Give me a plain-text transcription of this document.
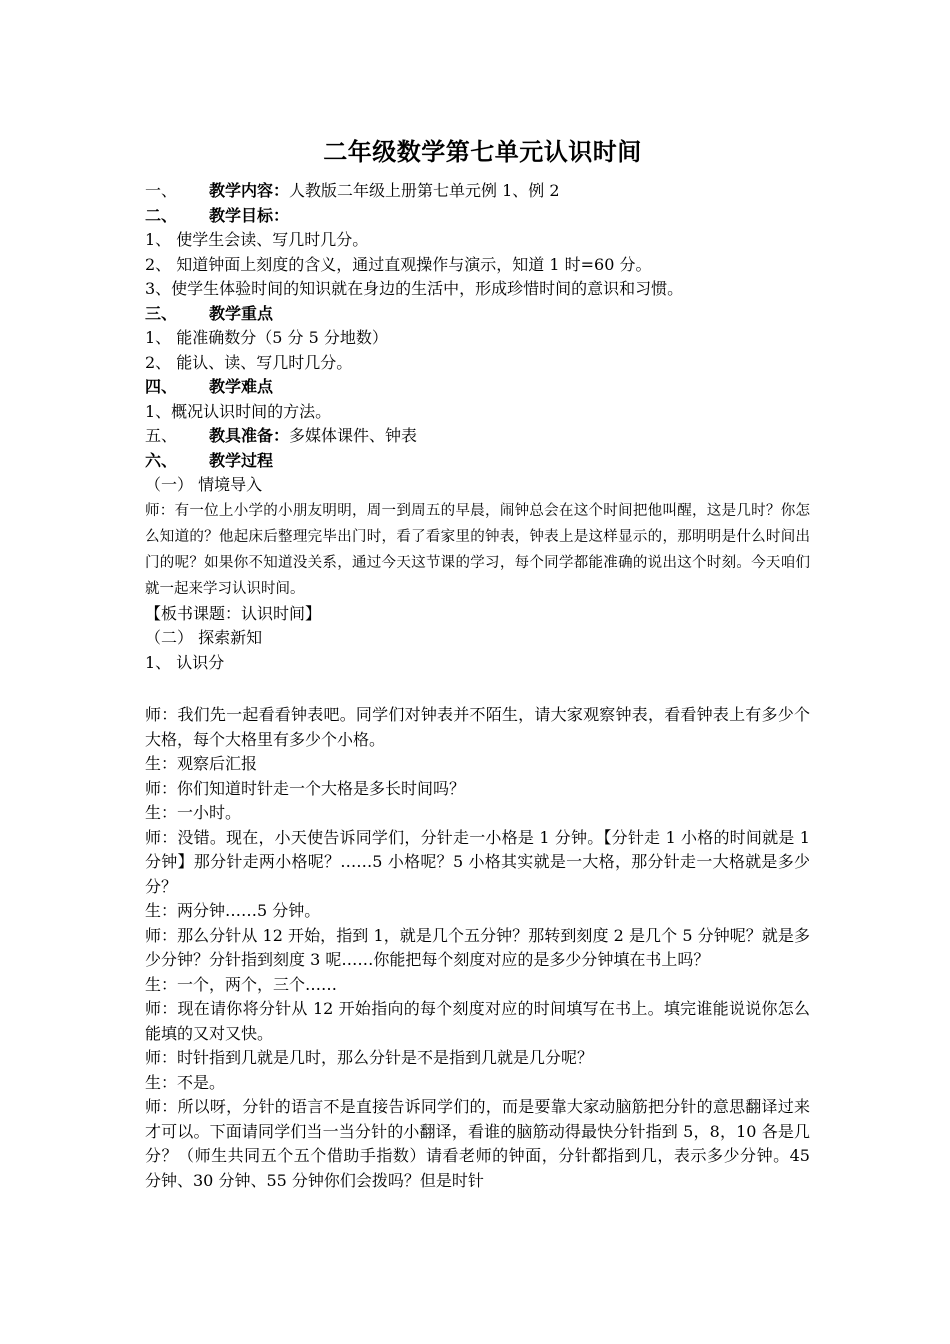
二年级数学第七单元认识时间
一、 教学内容：人教版二年级上册第七单元例 1、例 2
二、 教学目标：
1、 使学生会读、写几时几分。
2、 知道钟面上刻度的含义，通过直观操作与演示，知道 1 时=60 分。
3、使学生体验时间的知识就在身边的生活中，形成珍惜时间的意识和习惯。
三、 教学重点
1、 能准确数分（5 分 5 分地数）
2、 能认、读、写几时几分。
四、 教学难点
1、概况认识时间的方法。
五、 教具准备：多媒体课件、钟表
六、 教学过程
（一） 情境导入
师：有一位上小学的小朋友明明，周一到周五的早晨，闹钟总会在这个时间把他叫醒，这是几时？你怎么知道的？他起床后整理完毕出门时，看了看家里的钟表，钟表上是这样显示的，那明明是什么时间出门的呢？如果你不知道没关系，通过今天这节课的学习，每个同学都能准确的说出这个时刻。今天咱们就一起来学习认识时间。
【板书课题：认识时间】
（二） 探索新知
1、 认识分
师：我们先一起看看钟表吧。同学们对钟表并不陌生，请大家观察钟表，看看钟表上有多少个大格，每个大格里有多少个小格。
生：观察后汇报
师：你们知道时针走一个大格是多长时间吗？
生：一小时。
师：没错。现在，小天使告诉同学们，分针走一小格是 1 分钟。【分针走 1 小格的时间就是 1 分钟】那分针走两小格呢？……5 小格呢？5 小格其实就是一大格，那分针走一大格就是多少分？
生：两分钟……5 分钟。
师：那么分针从 12 开始，指到 1，就是几个五分钟？那转到刻度 2 是几个 5 分钟呢？就是多少分钟？分针指到刻度 3 呢……你能把每个刻度对应的是多少分钟填在书上吗？
生：一个，两个，三个……
师：现在请你将分针从 12 开始指向的每个刻度对应的时间填写在书上。填完谁能说说你怎么能填的又对又快。
师：时针指到几就是几时，那么分针是不是指到几就是几分呢？
生：不是。
师：所以呀，分针的语言不是直接告诉同学们的，而是要靠大家动脑筋把分针的意思翻译过来才可以。下面请同学们当一当分针的小翻译，看谁的脑筋动得最快分针指到 5，8，10 各是几分？（师生共同五个五个借助手指数）请看老师的钟面，分针都指到几，表示多少分钟。45 分钟、30 分钟、55 分钟你们会拨吗？但是时针
